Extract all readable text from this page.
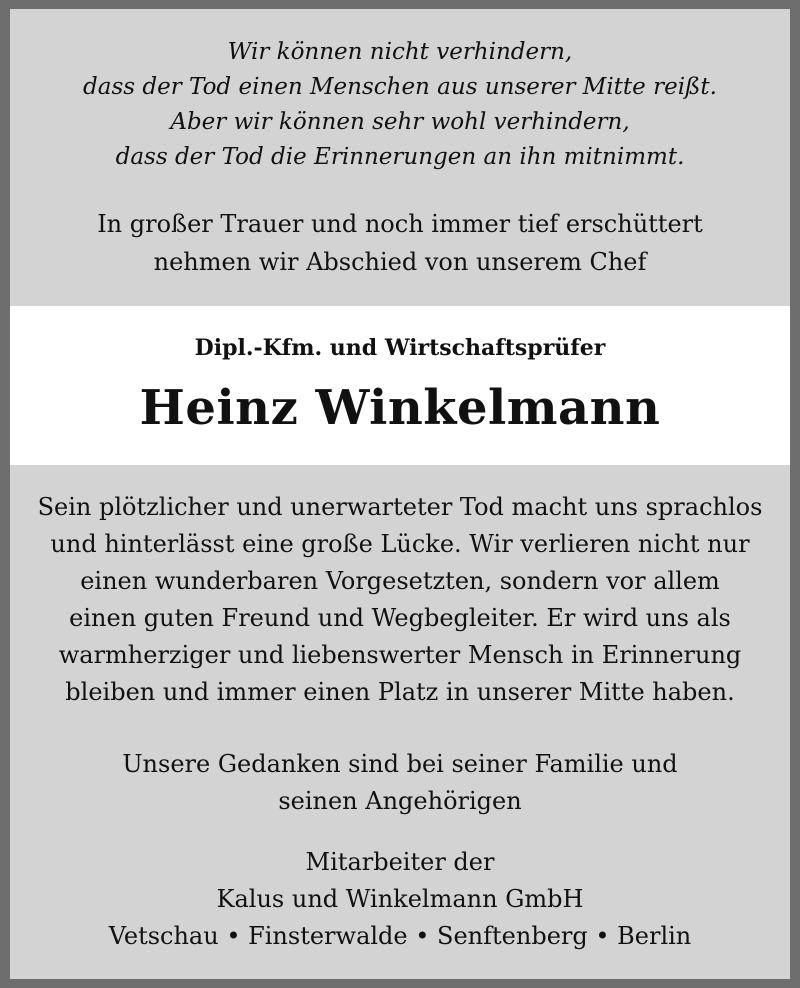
Wir können nicht verhindern,
dass der Tod einen Menschen aus unserer Mitte reißt.
Aber wir können sehr wohl verhindern,
dass der Tod die Erinnerungen an ihn mitnimmt.
In großer Trauer und noch immer tief erschüttert
nehmen wir Abschied von unserem Chef
Dipl.-Kfm. und Wirtschaftsprüfer
Heinz Winkelmann
Sein plötzlicher und unerwarteter Tod macht uns sprachlos
und hinterlässt eine große Lücke. Wir verlieren nicht nur
einen wunderbaren Vorgesetzten, sondern vor allem
einen guten Freund und Wegbegleiter. Er wird uns als
warmherziger und liebenswerter Mensch in Erinnerung
bleiben und immer einen Platz in unserer Mitte haben.
Unsere Gedanken sind bei seiner Familie und
seinen Angehörigen
Mitarbeiter der
Kalus und Winkelmann GmbH
Vetschau • Finsterwalde • Senftenberg • Berlin
